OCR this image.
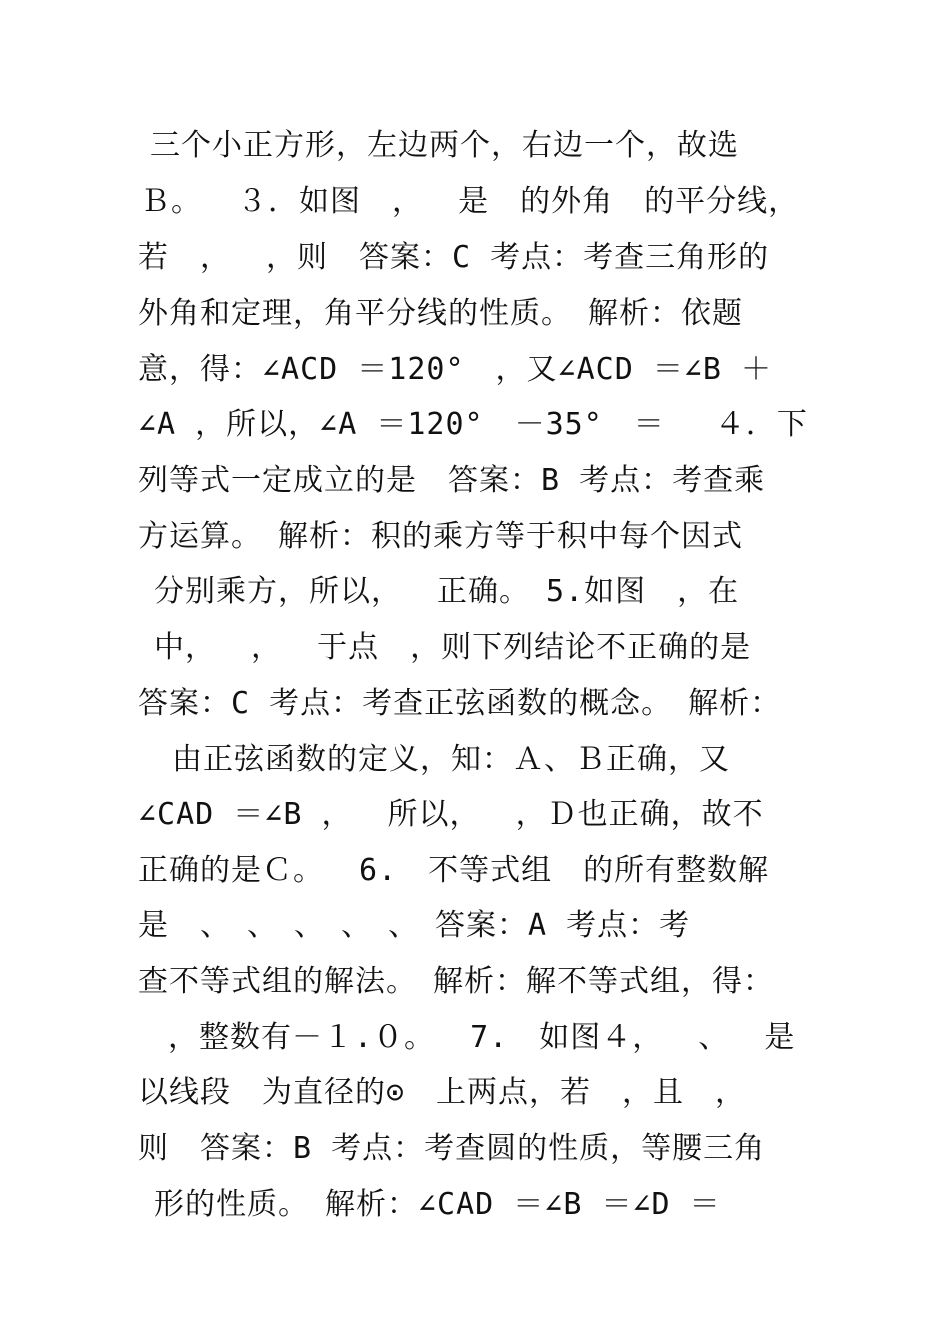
三个小正方形，左边两个，右边一个，故选
Ｂ。　 ３．如图　，　 是　的外角　的平分线，
若　，　 ，则　答案：C 考点：考查三角形的
外角和定理，角平分线的性质。　解析：依题
意，得：∠ACD ＝120°　，又∠ACD ＝∠B ＋
∠A ，所以，∠A ＝120°　－35°　＝　 ４．下
列等式一定成立的是　答案：B 考点：考查乘
方运算。　解析：积的乘方等于积中每个因式
分别乘方，所以，　 正确。　5.如图　，在
中，　 ，　 于点　，则下列结论不正确的是
答案：C 考点：考查正弦函数的概念。　解析：
由正弦函数的定义，知：Ａ、Ｂ正确，又
∠CAD ＝∠B ，　 所以，　 ，Ｄ也正确，故不
正确的是Ｃ。　 6.　不等式组　的所有整数解
是　、　、　、　、　、　答案：A 考点：考
查不等式组的解法。　解析：解不等式组，得：
，整数有－１.０。　 7.　如图４，　 、　 是
以线段　为直径的⊙　上两点，若　，且　，
则　答案：B 考点：考查圆的性质，等腰三角
形的性质。　解析：∠CAD ＝∠B ＝∠D ＝
